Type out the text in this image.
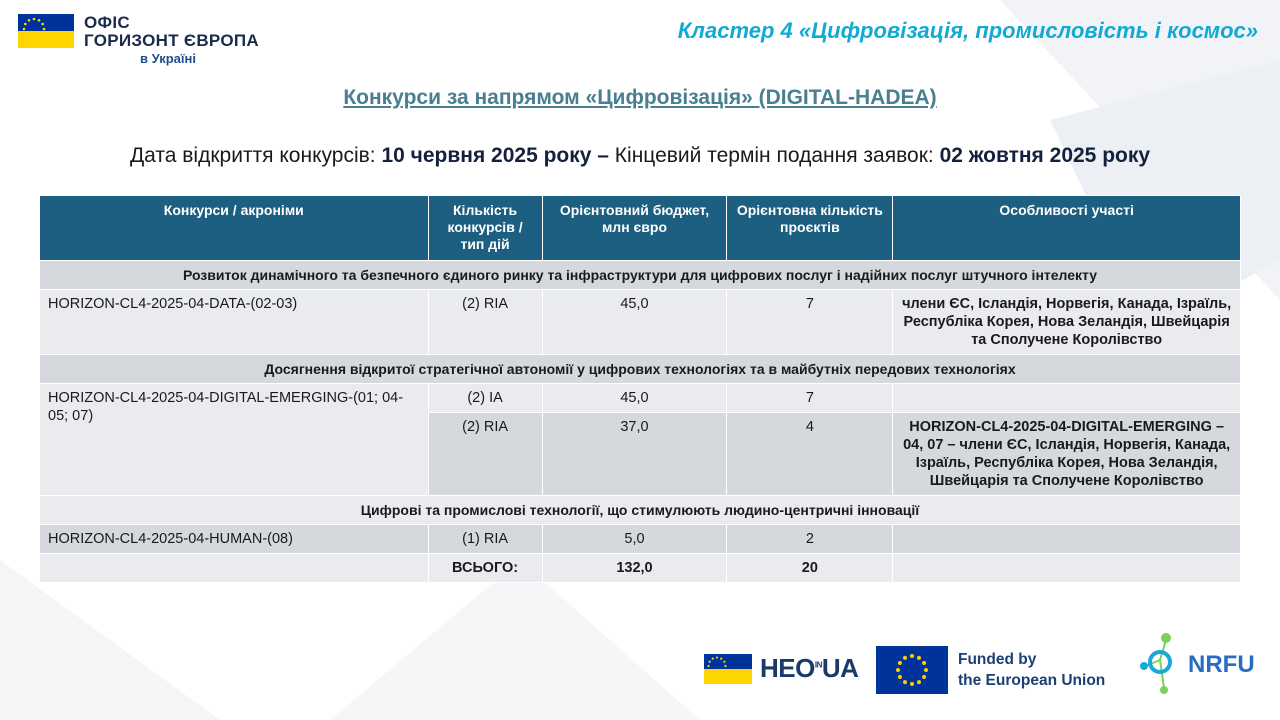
ОФІС
ГОРИЗОНТ ЄВРОПА
в Україні
Кластер 4 «Цифровізація, промисловість і космос»
Конкурси за напрямом «Цифровізація» (DIGITAL-HADEA)
Дата відкриття конкурсів: 10 червня 2025 року – Кінцевий термін подання заявок: 02 жовтня 2025 року
Конкурси / акроніми	Кількість конкурсів / тип дій	Орієнтовний бюджет, млн євро	Орієнтовна кількість проєктів	Особливості участі
Розвиток динамічного та безпечного єдиного ринку та інфраструктури для цифрових послуг і надійних послуг штучного інтелекту				
HORIZON-CL4-2025-04-DATA-(02-03)	(2) RIA	45,0	7	члени ЄС, Ісландія, Норвегія, Канада, Ізраїль, Республіка Корея, Нова Зеландія, Швейцарія та Сполучене Королівство
Досягнення відкритої стратегічної автономії у цифрових технологіях та в майбутніх передових технологіях				
HORIZON-CL4-2025-04-DIGITAL-EMERGING-(01; 04-05; 07)	(2) IA	45,0	7	
	(2) RIA	37,0	4	HORIZON-CL4-2025-04-DIGITAL-EMERGING – 04, 07 – члени ЄС, Ісландія, Норвегія, Канада, Ізраїль, Республіка Корея, Нова Зеландія, Швейцарія та Сполучене Королівство
Цифрові та промислові технології, що стимулюють людино-центричні інновації				
HORIZON-CL4-2025-04-HUMAN-(08)	(1) RIA	5,0	2	
	ВСЬОГО:	132,0	20	
$HEO^{IN}UA$	Funded by
the European Union
NRFU
